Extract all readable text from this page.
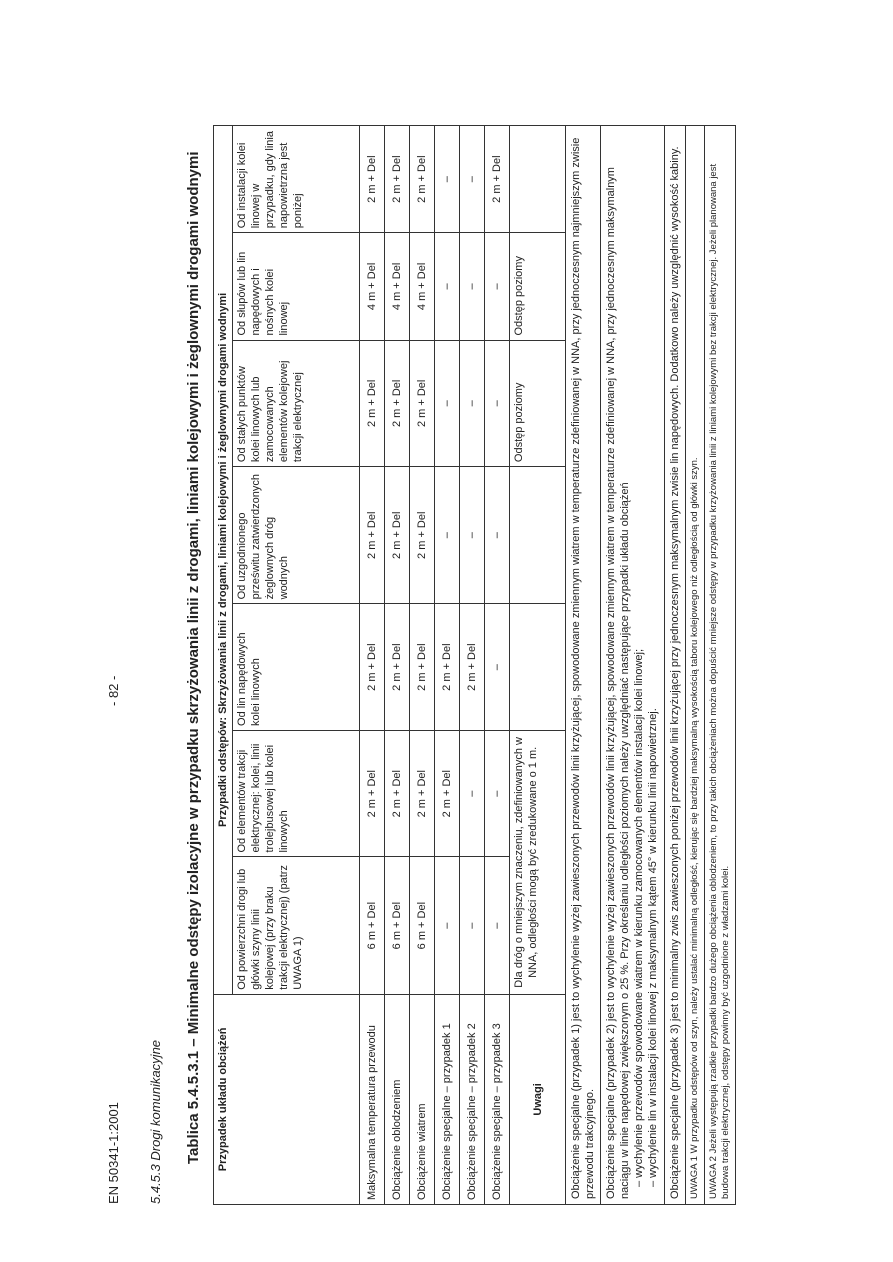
EN 50341-1:2001 5.4.5.3 Drogi komunikacyjne
- 82 -	Tablica 5.4.5.3.1 – Minimalne odstępy izolacyjne w przypadku skrzyżowania linii z drogami, liniami kolejowymi i żeglownymi drogami wodnymi Przypadek układu obciążeń	Przypadki odstępów: Skrzyżowania linii z drogami, liniami kolejowymi i żeglownymi drogami wodnymi						
	Od powierzchni drogi lub główki szyny linii kolejowej (przy braku trakcji elektrycznej) (patrz UWAGA 1)	Od elementów trakcji elektrycznej: kolei, linii trolejbusowej lub kolei linowych	Od lin napędowych kolei linowych	Od uzgodnionego prześwitu zatwierdzonych żeglownych dróg wodnych	Od stałych punktów kolei linowych lub zamocowanych elementów kolejowej trakcji elektrycznej	Od słupów lub lin napędowych i nośnych kolei linowej	Od instalacji kolei linowej w przypadku, gdy linia napowietrzna jest poniżej
Maksymalna temperatura przewodu	6 m + Del	2 m + Del	2 m + Del	2 m + Del	2 m + Del	4 m + Del	2 m + Del
Obciążenie oblodzeniem	6 m + Del	2 m + Del	2 m + Del	2 m + Del	2 m + Del	4 m + Del	2 m + Del
Obciążenie wiatrem	6 m + Del	2 m + Del	2 m + Del	2 m + Del	2 m + Del	4 m + Del	2 m + Del
Obciążenie specjalne – przypadek 1	–	2 m + Del	2 m + Del	–	–	–	–
Obciążenie specjalne – przypadek 2	–	–	2 m + Del	–	–	–	–
Obciążenie specjalne – przypadek 3	–	–	–	–	–	–	2 m + Del
Uwagi	Dla dróg o mniejszym znaczeniu, zdefiniowanych w NNA, odległości mogą być zredukowane o 1 m.				Odstęp poziomy	Odstęp poziomy	
Obciążenie specjalne (przypadek 1) jest to wychylenie wyżej zawieszonych przewodów linii krzyżującej, spowodowane zmiennym wiatrem w temperaturze zdefiniowanej w NNA, przy jednoczesnym najmniejszym zwisie przewodu trakcyjnego.							

Obciążenie specjalne (przypadek 2) jest to wychylenie wyżej zawieszonych przewodów linii krzyżującej, spowodowane zmiennym wiatrem w temperaturze zdefiniowanej w NNA, przy jednoczesnym maksymalnym naciągu w linie napędowej zwiększonym o 25 %. Przy określaniu odległości poziomych należy uwzględniać następujące przypadki układu obciążeń – wychylenie przewodów spowodowane wiatrem w kierunku zamocowanych elementów instalacji kolei linowej; – wychylenie lin w instalacji kolei linowej z maksymalnym kątem 45° w kierunku linii napowietrznej.							

Obciążenie specjalne (przypadek 3) jest to minimalny zwis zawieszonych poniżej przewodów linii krzyżującej przy jednoczesnym maksymalnym zwisie lin napędowych. Dodatkowo należy uwzględnić wysokość kabiny.							
UWAGA 1 W przypadku odstępów od szyn, należy ustalać minimalną odległość, kierując się bardziej maksymalną wysokością taboru kolejowego niż odległością od główki szyn.							
UWAGA 2 Jeżeli występują rzadkie przypadki bardzo dużego obciążenia oblodzeniem, to przy takich obciążeniach można dopuścić mniejsze odstępy w przypadku krzyżowania linii z liniami kolejowymi bez trakcji elektrycznej. Jeżeli planowana jest budowa trakcji elektrycznej, odstępy powinny być uzgodnione z władzami kolei.							
